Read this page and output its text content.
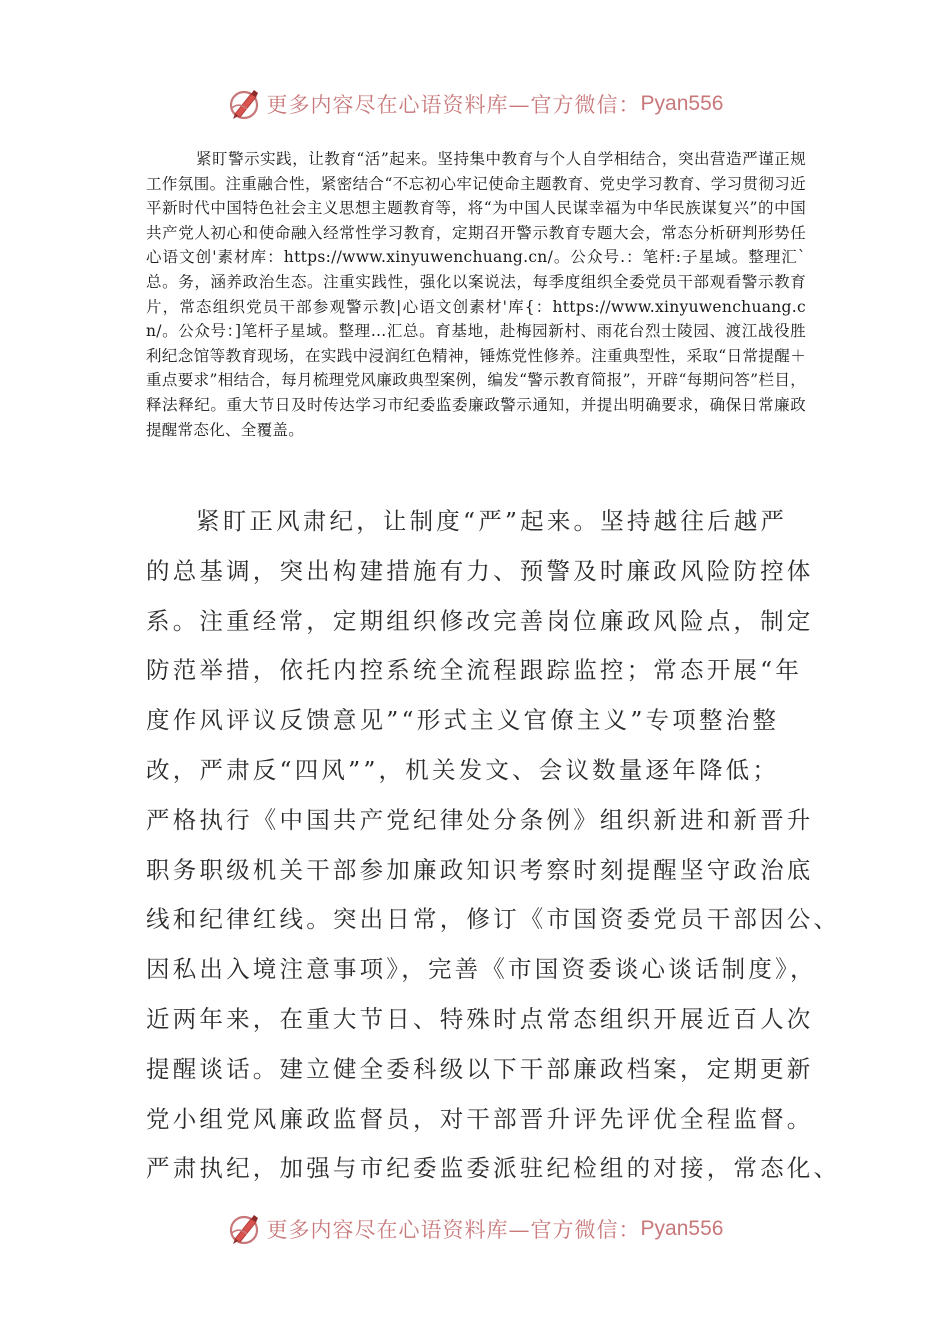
更多内容尽在心语资料库—官方微信： Pyan556

紧盯警示实践，让教育“活”起来。坚持集中教育与个人自学相结合，突出营造严谨正规工作氛围。注重融合性，紧密结合“不忘初心牢记使命主题教育、党史学习教育、学习贯彻习近平新时代中国特色社会主义思想主题教育等，将“为中国人民谋幸福为中华民族谋复兴”的中国共产党人初心和使命融入经常性学习教育，定期召开警示教育专题大会，常态分析研判形势任心语文创'素材库：https://www.xinyuwenchuang.cn/。公众号.：笔杆:子星域。整理汇`总。务，涵养政治生态。注重实践性，强化以案说法，每季度组织全委党员干部观看警示教育片，常态组织党员干部参观警示教|心语文创素材'库{：https://www.xinyuwenchuang.cn/。公众号：]笔杆子星域。整理…汇总。育基地，赴梅园新村、雨花台烈士陵园、渡江战役胜利纪念馆等教育现场，在实践中浸润红色精神，锤炼党性修养。注重典型性，采取“日常提醒＋重点要求”相结合，每月梳理党风廉政典型案例，编发“警示教育简报”，开辟“每期问答”栏目，释法释纪。重大节日及时传达学习市纪委监委廉政警示通知，并提出明确要求，确保日常廉政提醒常态化、全覆盖。

紧盯正风肃纪，让制度“严”起来。坚持越往后越严
的总基调，突出构建措施有力、预警及时廉政风险防控体
系。注重经常，定期组织修改完善岗位廉政风险点，制定
防范举措，依托内控系统全流程跟踪监控；常态开展“年
度作风评议反馈意见”“形式主义官僚主义”专项整治整
改，严肃反“四风””，机关发文、会议数量逐年降低；
严格执行《中国共产党纪律处分条例》组织新进和新晋升
职务职级机关干部参加廉政知识考察时刻提醒坚守政治底
线和纪律红线。突出日常，修订《市国资委党员干部因公、
因私出入境注意事项》，完善《市国资委谈心谈话制度》，
近两年来，在重大节日、特殊时点常态组织开展近百人次
提醒谈话。建立健全委科级以下干部廉政档案，定期更新
党小组党风廉政监督员，对干部晋升评先评优全程监督。
严肃执纪，加强与市纪委监委派驻纪检组的对接，常态化、
更多内容尽在心语资料库—官方微信： Pyan556
